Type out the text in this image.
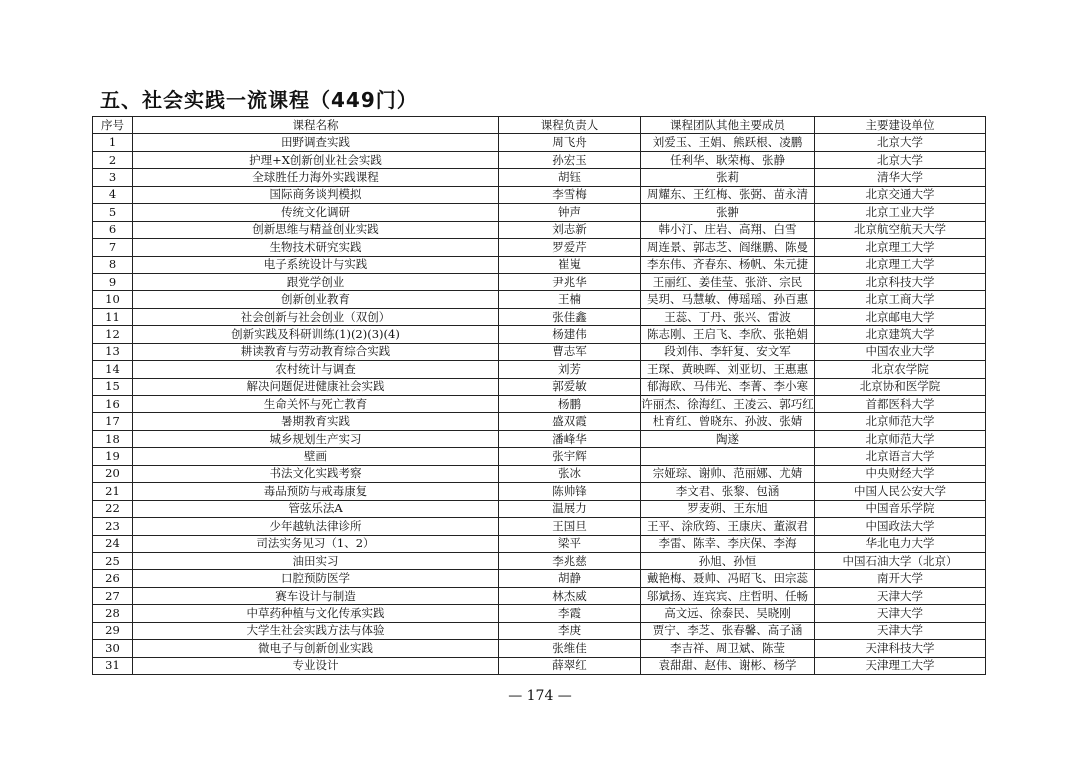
五、社会实践一流课程（449门）
序号	课程名称	课程负责人	课程团队其他主要成员	主要建设单位
1	田野调查实践	周飞舟	刘爱玉、王娟、熊跃根、凌鹏	北京大学
2	护理+X创新创业社会实践	孙宏玉	任利华、耿荣梅、张静	北京大学
3	全球胜任力海外实践课程	胡钰	张莉	清华大学
4	国际商务谈判模拟	李雪梅	周耀东、王红梅、张弼、苗永清	北京交通大学
5	传统文化调研	钟声	张翀	北京工业大学
6	创新思维与精益创业实践	刘志新	韩小汀、庄岩、高翔、白雪	北京航空航天大学
7	生物技术研究实践	罗爱芹	周连景、郭志芝、阎继鹏、陈曼	北京理工大学
8	电子系统设计与实践	崔嵬	李东伟、齐春东、杨帆、朱元捷	北京理工大学
9	跟党学创业	尹兆华	王丽红、姜佳莹、张浒、宗民	北京科技大学
10	创新创业教育	王楠	吴玥、马慧敏、傅瑶瑶、孙百惠	北京工商大学
11	社会创新与社会创业（双创）	张佳鑫	王蕊、丁丹、张兴、雷波	北京邮电大学
12	创新实践及科研训练(1)(2)(3)(4)	杨建伟	陈志刚、王启飞、李欣、张艳娟	北京建筑大学
13	耕读教育与劳动教育综合实践	曹志军	段刘伟、李轩复、安文军	中国农业大学
14	农村统计与调查	刘芳	王琛、黄映晖、刘亚切、王惠惠	北京农学院
15	解决问题促进健康社会实践	郭爱敏	郁海欧、马伟光、李菁、李小寒	北京协和医学院
16	生命关怀与死亡教育	杨鹏	许丽杰、徐海红、王凌云、郭巧红	首都医科大学
17	暑期教育实践	盛双霞	杜育红、曾晓东、孙波、张婧	北京师范大学
18	城乡规划生产实习	潘峰华	陶遂	北京师范大学
19	壁画	张宇辉		北京语言大学
20	书法文化实践考察	张冰	宗娅琮、谢帅、范丽娜、尤婧	中央财经大学
21	毒品预防与戒毒康复	陈帅锋	李文君、张黎、包涵	中国人民公安大学
22	管弦乐法A	温展力	罗麦朔、王东旭	中国音乐学院
23	少年越轨法律诊所	王国旦	王平、涂欣筠、王康庆、董淑君	中国政法大学
24	司法实务见习（1、2）	梁平	李雷、陈幸、李庆保、李海	华北电力大学
25	油田实习	李兆慈	孙旭、孙恒	中国石油大学（北京）
26	口腔预防医学	胡静	戴艳梅、聂帅、冯昭飞、田宗蕊	南开大学
27	赛车设计与制造	林杰威	邬斌扬、连宾宾、庄哲明、任畅	天津大学
28	中草药种植与文化传承实践	李霞	高文远、徐泰民、吴晓刚	天津大学
29	大学生社会实践方法与体验	李庚	贾宁、李芝、张春馨、高子涵	天津大学
30	微电子与创新创业实践	张维佳	李吉祥、周卫斌、陈莹	天津科技大学
31	专业设计	薛翠红	袁甜甜、赵伟、谢彬、杨学	天津理工大学
— 174 —
